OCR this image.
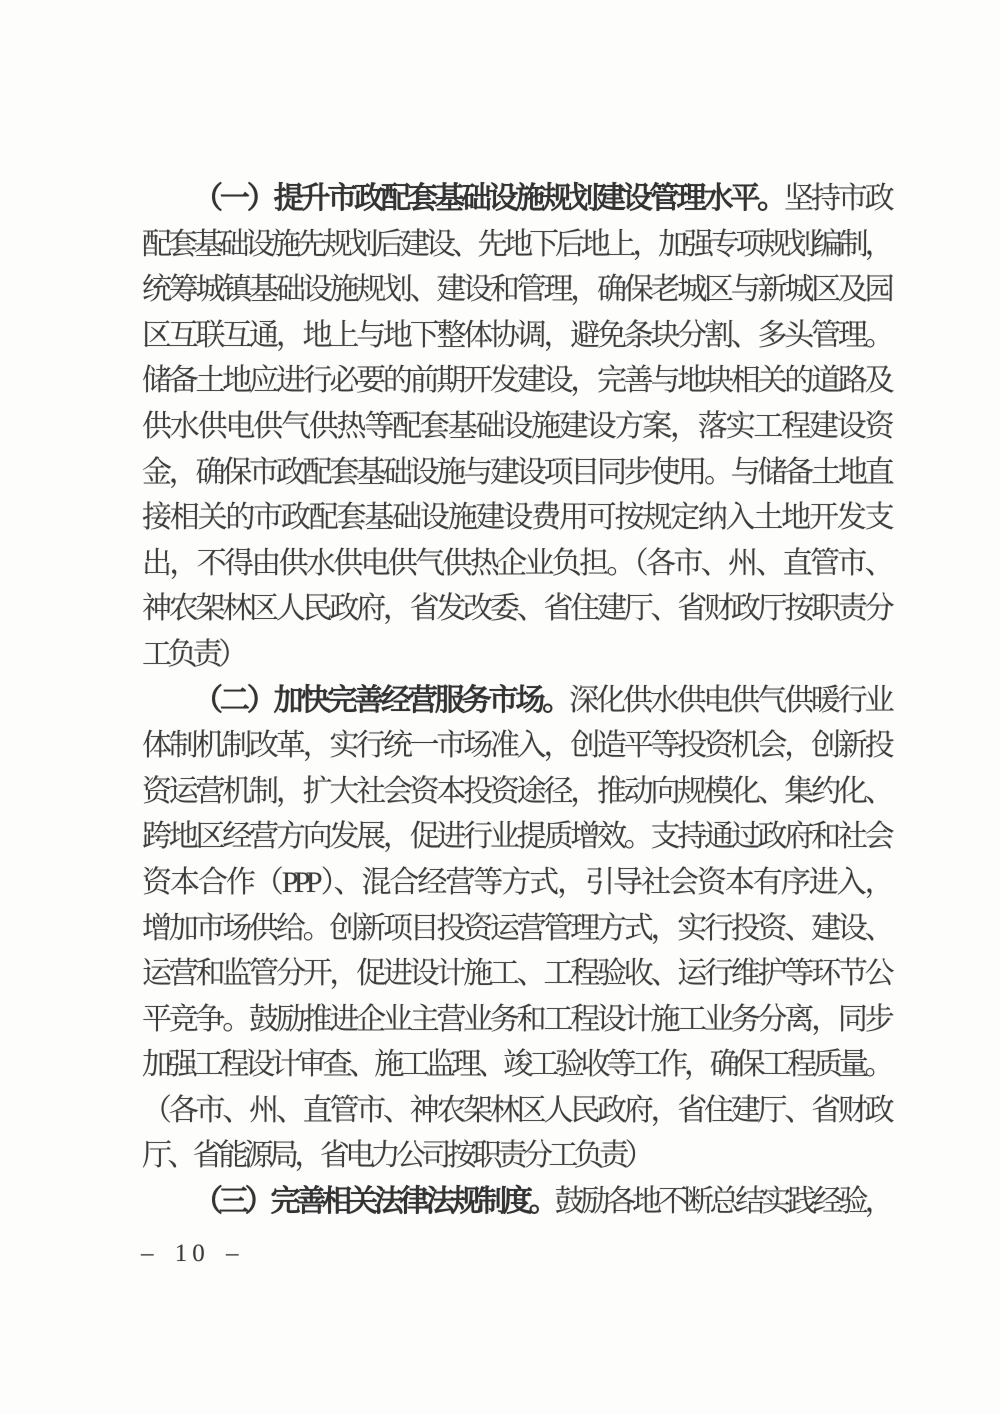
（一）提升市政配套基础设施规划建设管理水平。坚持市政
配套基础设施先规划后建设、先地下后地上，加强专项规划编制，
统筹城镇基础设施规划、建设和管理，确保老城区与新城区及园
区互联互通，地上与地下整体协调，避免条块分割、多头管理。
储备土地应进行必要的前期开发建设，完善与地块相关的道路及
供水供电供气供热等配套基础设施建设方案，落实工程建设资
金，确保市政配套基础设施与建设项目同步使用。与储备土地直
接相关的市政配套基础设施建设费用可按规定纳入土地开发支
出，不得由供水供电供气供热企业负担。（各市、州、直管市、
神农架林区人民政府，省发改委、省住建厅、省财政厅按职责分
工负责）
（二）加快完善经营服务市场。深化供水供电供气供暖行业
体制机制改革，实行统一市场准入，创造平等投资机会，创新投
资运营机制，扩大社会资本投资途径，推动向规模化、集约化、
跨地区经营方向发展，促进行业提质增效。支持通过政府和社会
资本合作（PPP）、混合经营等方式，引导社会资本有序进入，
增加市场供给。创新项目投资运营管理方式，实行投资、建设、
运营和监管分开，促进设计施工、工程验收、运行维护等环节公
平竞争。鼓励推进企业主营业务和工程设计施工业务分离，同步
加强工程设计审查、施工监理、竣工验收等工作，确保工程质量。
（各市、州、直管市、神农架林区人民政府，省住建厅、省财政
厅、省能源局，省电力公司按职责分工负责）
（三）完善相关法律法规制度。鼓励各地不断总结实践经验，
– 10 –
